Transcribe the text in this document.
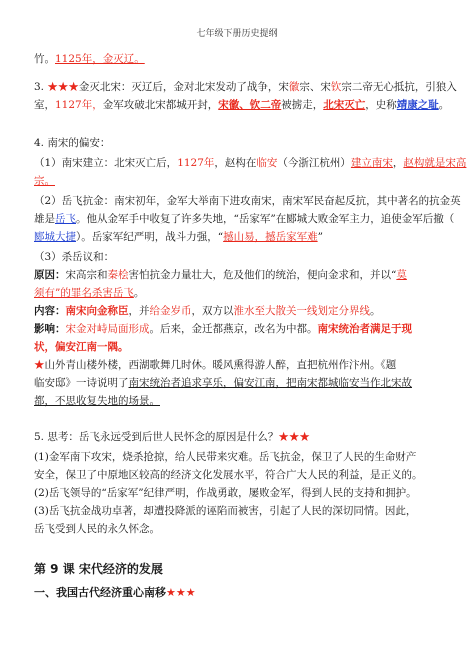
七年级下册历史提纲
竹。1125年，金灭辽。
3. ★★★金灭北宋：灭辽后，金对北宋发动了战争，宋徽宗、宋钦宗二帝无心抵抗，引狼入
室，1127年，金军攻破北宋都城开封，宋徽、钦二帝被掳走，北宋灭亡，史称靖康之耻。
4. 南宋的偏安：
（1）南宋建立：北宋灭亡后，1127年，赵构在临安（今浙江杭州）建立南宋，赵构就是宋高
宗。
（2）岳飞抗金：南宋初年，金军大举南下进攻南宋，南宋军民奋起反抗，其中著名的抗金英
雄是岳飞。他从金军手中收复了许多失地，“岳家军”在郾城大败金军主力，追使金军后撤（
郾城大捷）。岳家军纪严明，战斗力强，“撼山易，撼岳家军难”
（3）杀岳议和：
原因：宋高宗和秦桧害怕抗金力量壮大，危及他们的统治，便向金求和，并以“莫
须有”的罪名杀害岳飞。
内容：南宋向金称臣，并给金岁币，双方以淮水至大散关一线划定分界线。
影响：宋金对峙局面形成。后来，金迁都燕京，改名为中都。南宋统治者满足于现
状，偏安江南一隅。
★山外青山楼外楼，西湖歌舞几时休。暖风熏得游人醉，直把杭州作汴州。《题
临安邸》一诗说明了南宋统治者追求享乐，偏安江南，把南宋都城临安当作北宋故
都，不思收复失地的场景。
5. 思考：岳飞永远受到后世人民怀念的原因是什么？★★★
(1)金军南下攻宋，烧杀抢掠，给人民带来灾难。岳飞抗金，保卫了人民的生命财产
安全，保卫了中原地区较高的经济文化发展水平，符合广大人民的利益，是正义的。
(2)岳飞领导的“岳家军”纪律严明，作战勇敢，屡败金军，得到人民的支持和拥护。
(3)岳飞抗金战功卓著，却遭投降派的诬陷而被害，引起了人民的深切同情。因此，
岳飞受到人民的永久怀念。
第 9 课 宋代经济的发展
一、我国古代经济重心南移★★★
